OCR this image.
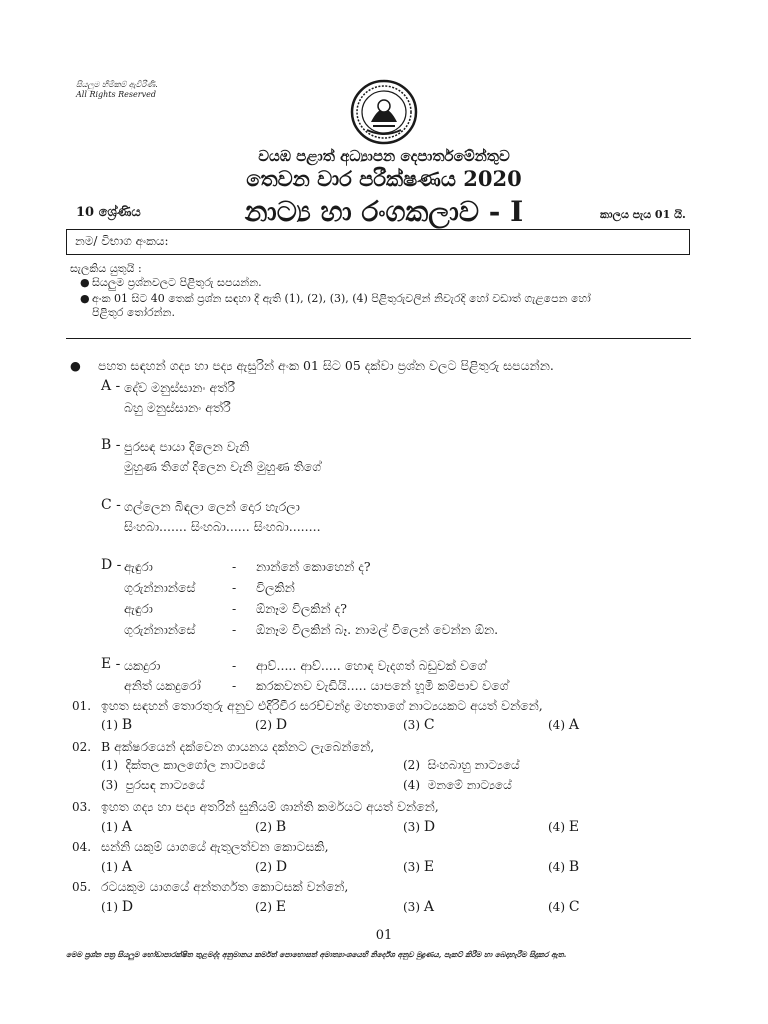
සියලුම හිමිකම් ඇවිරිණි.
All Rights Reserved
වයඹ පළාත් අධ්‍යාපන දෙපාර්තමේන්තුව
තෙවන වාර පරීක්ෂණය 2020
10 ශ්‍රේණිය	නාට්‍ය හා රංගකලාව - I	කාලය පැය 01 යි.
නම/ විභාග අංකය:
සැලකිය යුතුයි :
● සියලුම ප්‍රශ්නවලට පිළිතුරු සපයන්න.
● අංක 01 සිට 40 තෙක් ප්‍රශ්න සඳහා දී ඇති (1), (2), (3), (4) පිළිතුරුවලින් නිවැරදි හෝ වඩාත් ගැළපෙන හෝ
පිළිතුර තෝරන්න.
● පහත සඳහන් ගද්‍ය හා පද්‍ය ඇසුරින් අංක 01 සිට 05 දක්වා ප්‍රශ්න වලට පිළිතුරු සපයන්න.
A - දේව මනුස්සානං අත්රී
බහු මනුස්සානං අත්රී
B - පුරසඳ පායා දිලෙන වැනි
මුහුණ තිගේ දිලෙන වැනි මුහුණ තිගේ
C - ගල්ලෙන බිඳලා ලෙන් දොර හැරලා
සිංහබා....... සිංහබා...... සිංහබා........
D - ඇඳුරා	- නාන්නේ කොහෙන් ද?
ගුරුන්නාන්සේ	- විලකින්
ඇඳුරා	- ඕනෑම විලකින් ද?
ගුරුන්නාන්සේ	- ඕනෑම විලකින් බෑ. නාමල් විලෙන් වෙන්න ඕන.
E - යකදුරා	- ආව්..... ආව්..... හොඳ වැදගත් බඩුවක් වගේ
අනිත් යකදුරෝ - කරකවනව වැඩියි..... යාපනේ හූමි කම්පාව වගේ
01. ඉහත සඳහන් තොරතුරු අනුව එදිරිවීර සරච්චන්ද්‍ර මහතාගේ නාට්‍යයකට අයත් වන්නේ,
(1) B	(2) D	(3) C	(4) A
02. B අක්ෂරයෙන් දක්වෙන ගායනය දක්නට ලැබෙන්නේ,
(1) දික්තල කාලගෝල නාට්‍යයේ	(2) සිංහබාහු නාට්‍යයේ
(3) පුරසඳ නාට්‍යයේ	(4) මනමේ නාට්‍යයේ
03. ඉහත ගද්‍ය හා පද්‍ය අතරින් සුනියම් ශාන්ති කර්මයට අයත් වන්නේ,
(1) A	(2) B	(3) D	(4) E
04. සන්නි යකුම් යාගයේ ඇතුලත්වන කොටසකි,
(1) A	(2) D	(3) E	(4) B
05. රටයකුම යාගයේ අන්තර්ගත කොටසක් වන්නේ,
(1) D	(2) E	(3) A	(4) C
01
මෙම ප්‍රශ්න පත්‍ර සියලුම හෝඩාපාරක්ෂිත තුළමද්ද අනුමානය කර්මත් පොහොසත් අමාත්‍යාංශයෙහි නිර්දේශ අනුව මුද්‍රණය, පැකට් කිරීම හා බෙදාහැරීම සිදුකර ඇත.
